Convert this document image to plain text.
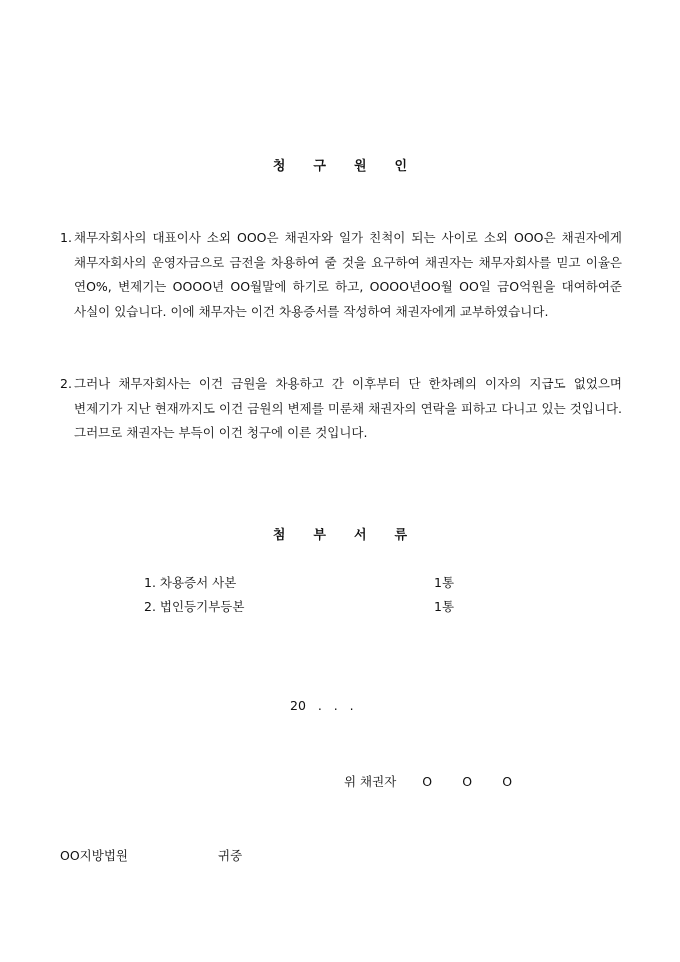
청구원인
1. 채무자회사의 대표이사 소외 OOO은 채권자와 일가 친척이 되는 사이로 소외 OOO은 채권자에게 채무자회사의 운영자금으로 금전을 차용하여 줄 것을 요구하여 채권자는 채무자회사를 믿고 이율은 연O%, 변제기는 OOOO년 OO월말에 하기로 하고, OOOO년OO월 OO일 금O억원을 대여하여준 사실이 있습니다. 이에 채무자는 이건 차용증서를 작성하여 채권자에게 교부하였습니다.
2. 그러나 채무자회사는 이건 금원을 차용하고 간 이후부터 단 한차례의 이자의 지급도 없었으며 변제기가 지난 현재까지도 이건 금원의 변제를 미룬채 채권자의 연락을 피하고 다니고 있는 것입니다. 그러므로 채권자는 부득이 이건 청구에 이른 것입니다.
첨부서류
1. 차용증서 사본	1통
2. 법인등기부등본	1통
20   .   .   .
위 채권자 O O O
OO지방법원	귀중
